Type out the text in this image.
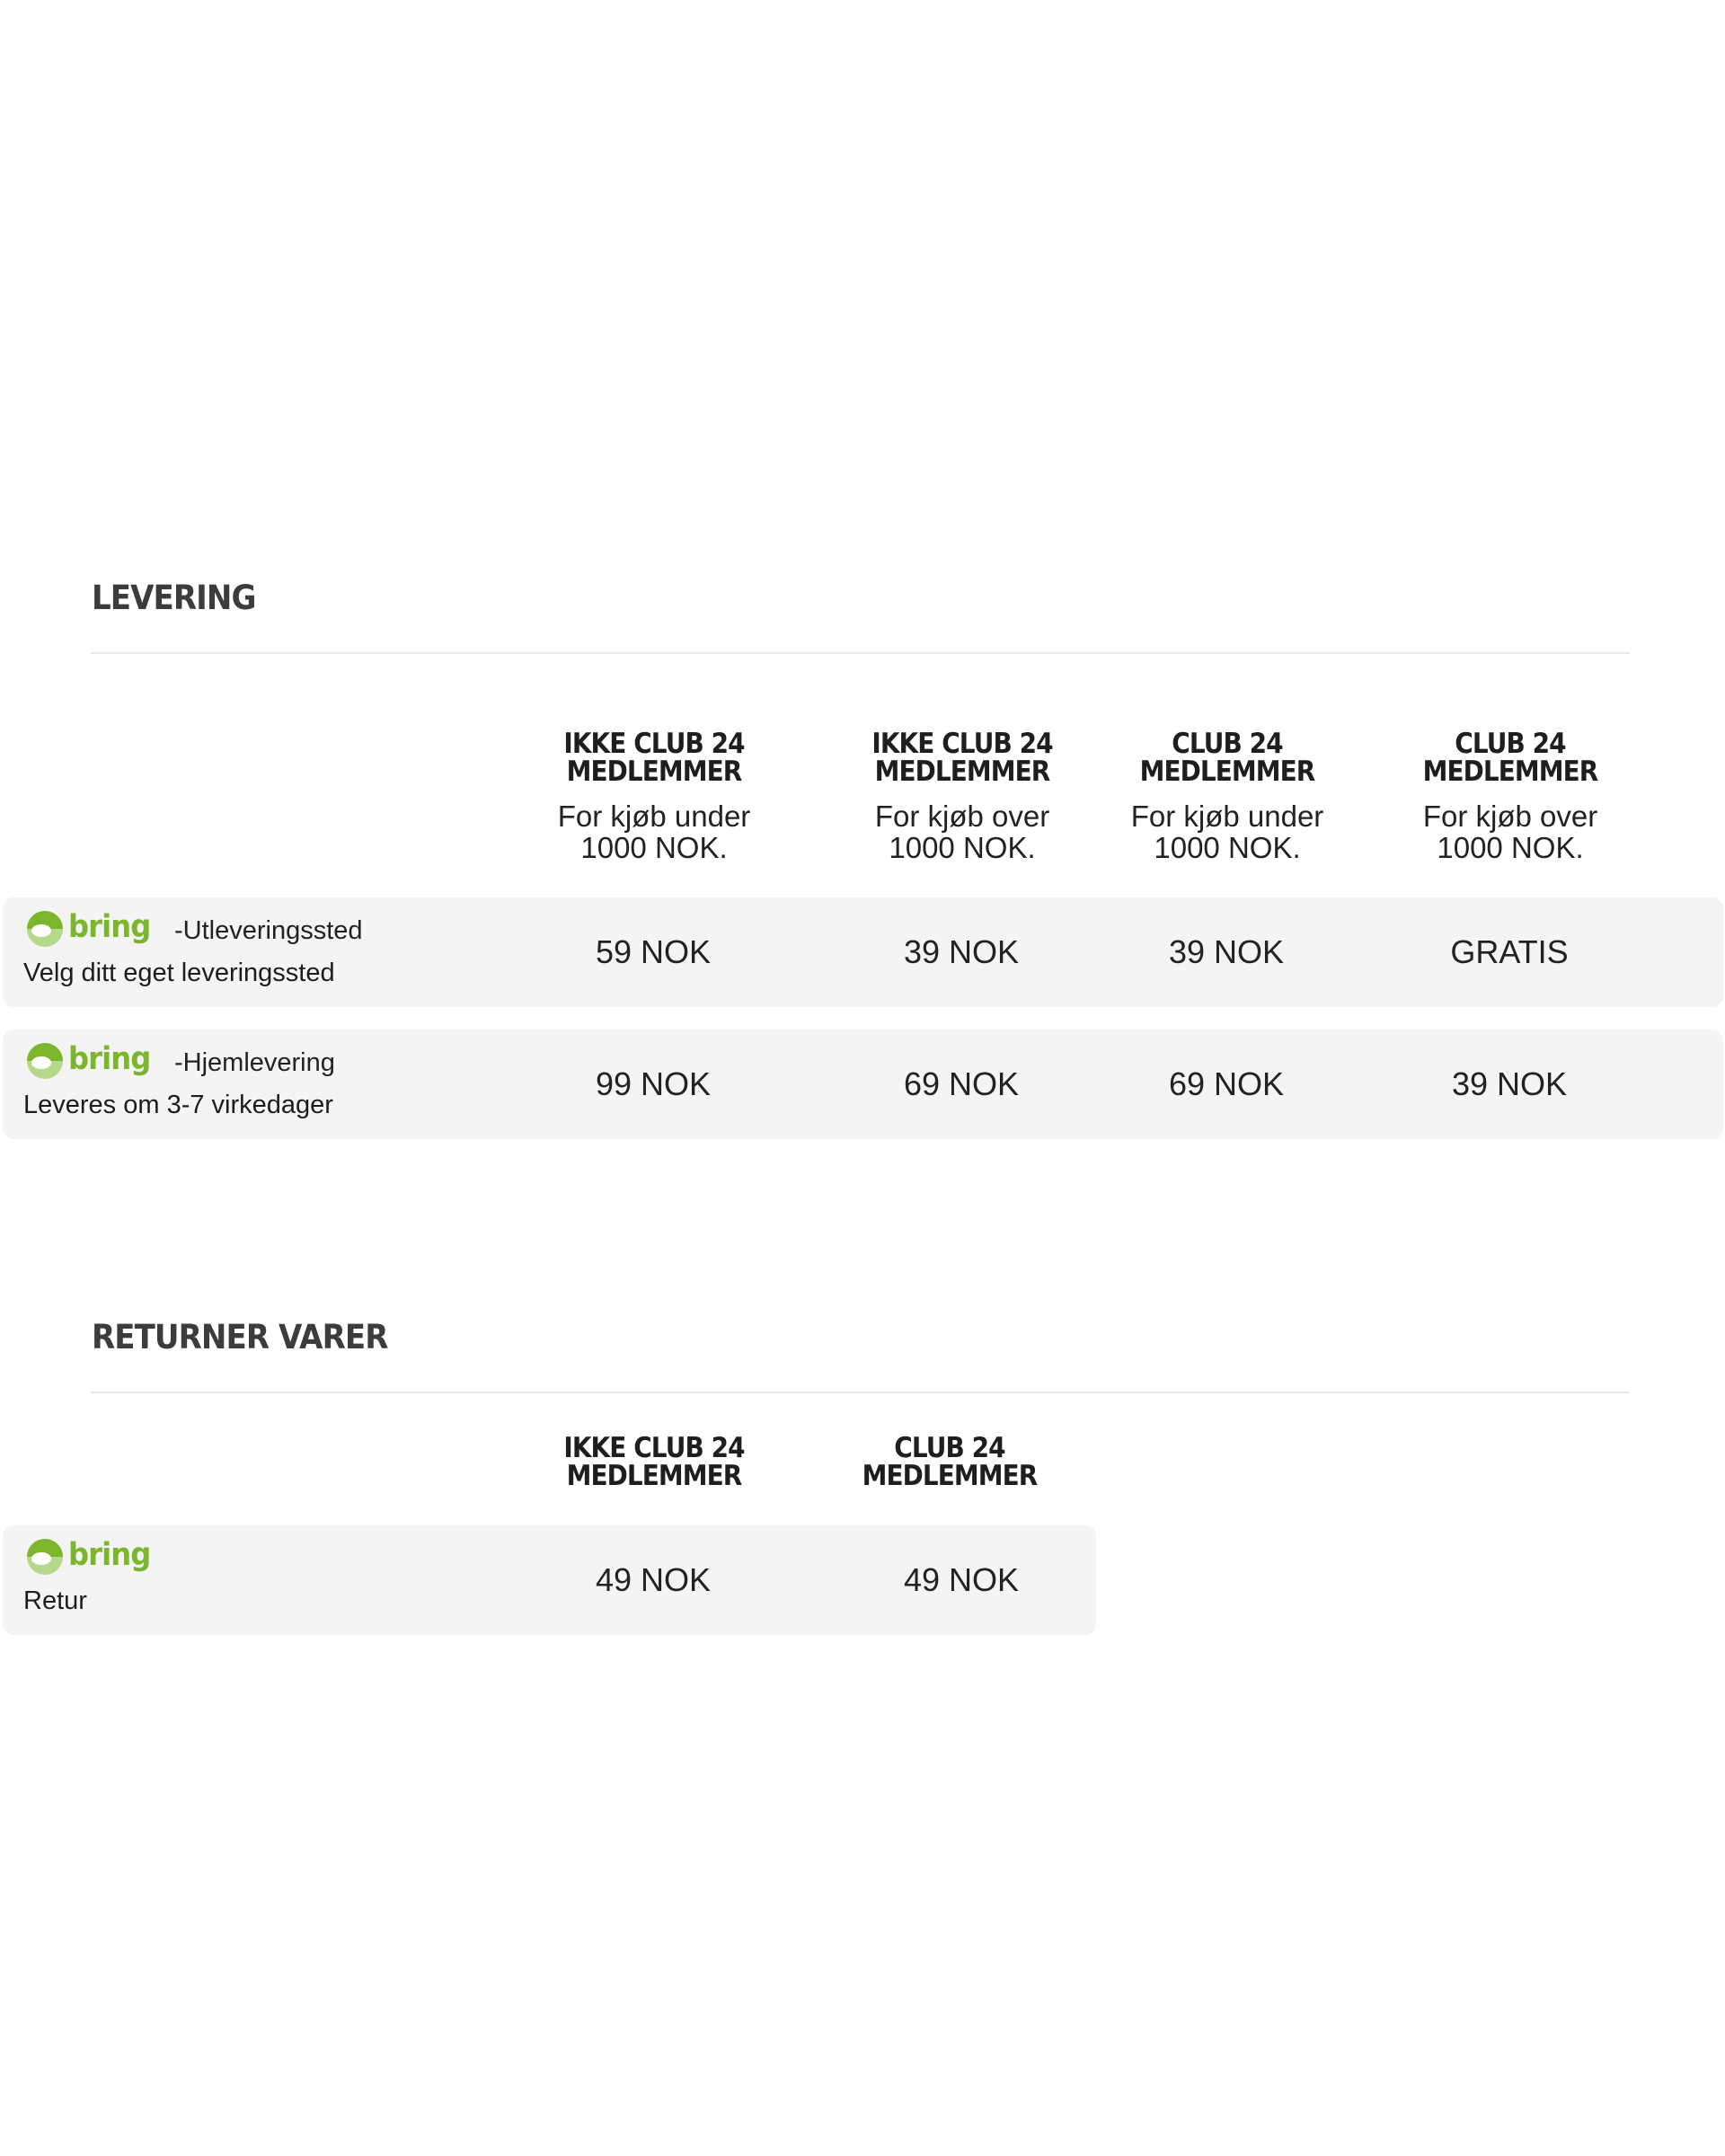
LEVERING
IKKE CLUB 24
MEDLEMMER
For kjøb under
1000 NOK.
IKKE CLUB 24
MEDLEMMER
For kjøb over
1000 NOK.
CLUB 24
MEDLEMMER
For kjøb under
1000 NOK.
CLUB 24
MEDLEMMER
For kjøb over
1000 NOK.
bring -Utleveringssted
Velg ditt eget leveringssted
59 NOK	39 NOK	39 NOK	GRATIS
bring -Hjemlevering
Leveres om 3-7 virkedager
99 NOK	69 NOK	69 NOK	39 NOK
RETURNER VARER
IKKE CLUB 24
MEDLEMMER
CLUB 24
MEDLEMMER
bring
Retur
49 NOK	49 NOK
